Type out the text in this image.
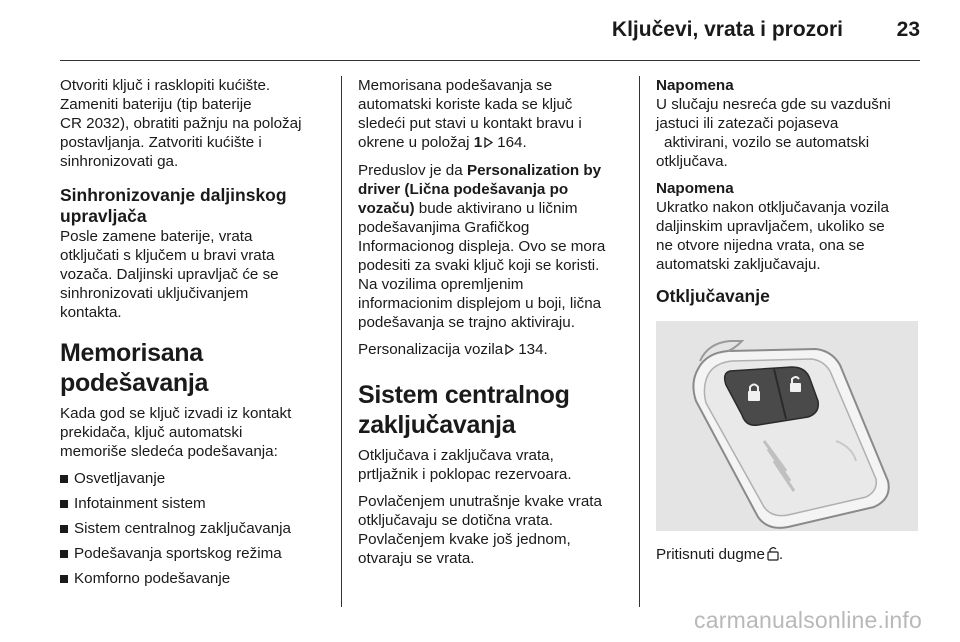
Ključevi, vrata i prozori	23

Otvoriti ključ i rasklopiti kućište.
Zameniti bateriju (tip baterije
CR 2032), obratiti pažnju na položaj
postavljanja. Zatvoriti kućište i
sinhronizovati ga.

Sinhronizovanje daljinskog
upravljača

Posle zamene baterije, vrata
otključati s ključem u bravi vrata
vozača. Daljinski upravljač će se
sinhronizovati uključivanjem
kontakta.

Memorisana podešavanja

Kada god se ključ izvadi iz kontakt
prekidača, ključ automatski
memoriše sledeća podešavanja:

Osvetljavanje
Infotainment sistem
Sistem centralnog zaključavanja
Podešavanja sportskog režima
Komforno podešavanje

Memorisana podešavanja se
automatski koriste kada se ključ
sledeći put stavi u kontakt bravu i
okrene u položaj 1 164.

Preduslov je da Personalization by
driver (Lična podešavanja po
vozaču) bude aktivirano u ličnim
podešavanjima Grafičkog
Informacionog displeja. Ovo se mora
podesiti za svaki ključ koji se koristi.
Na vozilima opremljenim
informacionim displejom u boji, lična
podešavanja se trajno aktiviraju.

Personalizacija vozila 134.

Sistem centralnog
zaključavanja

Otključava i zaključava vrata,
prtljažnik i poklopac rezervoara.

Povlačenjem unutrašnje kvake vrata
otključavaju se dotična vrata.
Povlačenjem kvake još jednom,
otvaraju se vrata.

Napomena
U slučaju nesreća gde su vazdušni
jastuci ili zatezači pojaseva
aktivirani, vozilo se automatski
otključava.
Napomena
Ukratko nakon otključavanja vozila
daljinskim upravljačem, ukoliko se
ne otvore nijedna vrata, ona se
automatski zaključavaju.
Otključavanje

Pritisnuti dugme .

carmanualsonline.info
